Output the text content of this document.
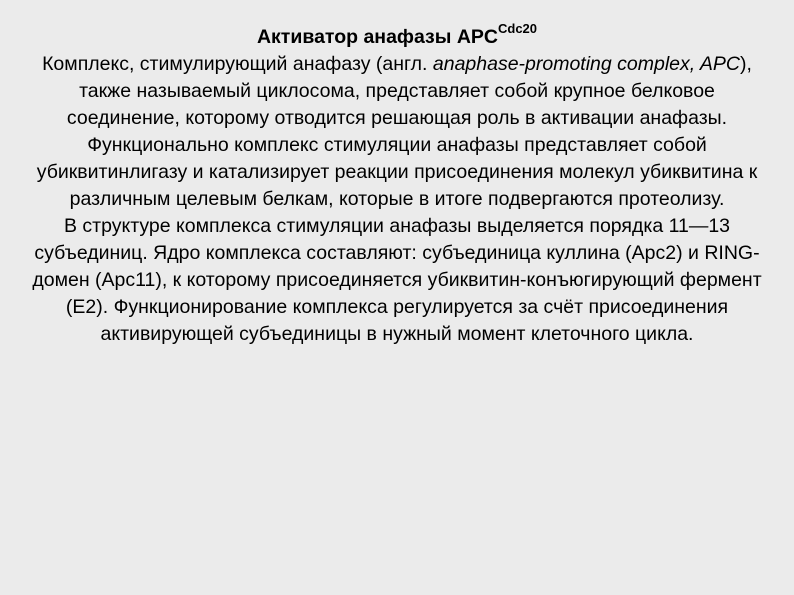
Активатор анафазы $APC^{Cdc20}$

Комплекс, стимулирующий анафазу (англ. anaphase-promoting complex, APC), также называемый циклосома, представляет собой крупное белковое соединение, которому отводится решающая роль в активации анафазы. Функционально комплекс стимуляции анафазы представляет собой убиквитинлигазу и катализирует реакции присоединения молекул убиквитина к различным целевым белкам, которые в итоге подвергаются протеолизу.

В структуре комплекса стимуляции анафазы выделяется порядка 11—13 субъединиц. Ядро комплекса составляют: субъединица куллина (Apc2) и RING-домен (Apc11), к которому присоединяется убиквитин-конъюгирующий фермент (E2). Функционирование комплекса регулируется за счёт присоединения активирующей субъединицы в нужный момент клеточного цикла.
